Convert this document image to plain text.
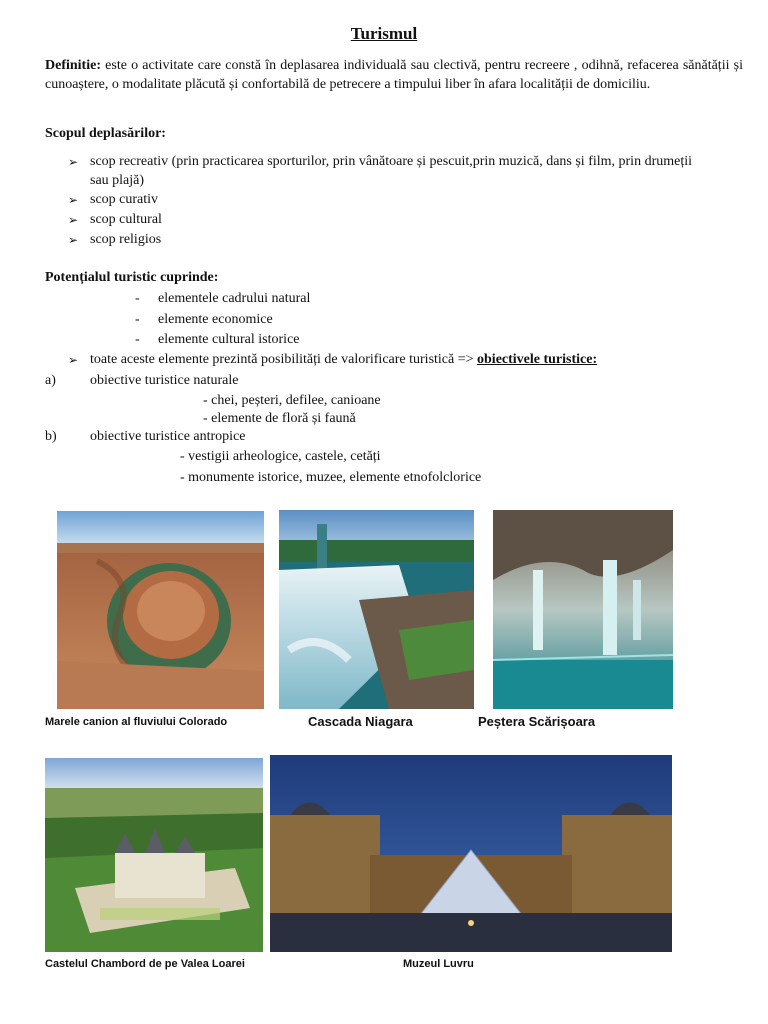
Turismul
Definitie: este o activitate care constă în deplasarea individuală sau clectivă, pentru recreere , odihnă, refacerea sănătății și cunoaștere, o modalitate plăcută și confortabilă de petrecere a timpului liber în afara localității de domiciliu.
Scopul deplasărilor:
➢ scop recreativ (prin practicarea sporturilor, prin vânătoare și pescuit,prin muzică, dans și film, prin drumeții
sau plajă)
➢ scop curativ
➢ scop cultural
➢ scop religios
Potențialul turistic cuprinde:
- elementele cadrului natural
- elemente economice
- elemente cultural istorice
➢ toate aceste elemente prezintă posibilități de valorificare turistică => obiectivele turistice:
a) obiective turistice naturale
- chei, peșteri, defilee, canioane
- elemente de floră și faună
b) obiective turistice antropice
- vestigii arheologice, castele, cetăți
- monumente istorice, muzee, elemente etnofolclorice
Marele canion al fluviului Colorado	Cascada Niagara	Peștera Scărișoara
Castelul Chambord de pe Valea Loarei	Muzeul Luvru
